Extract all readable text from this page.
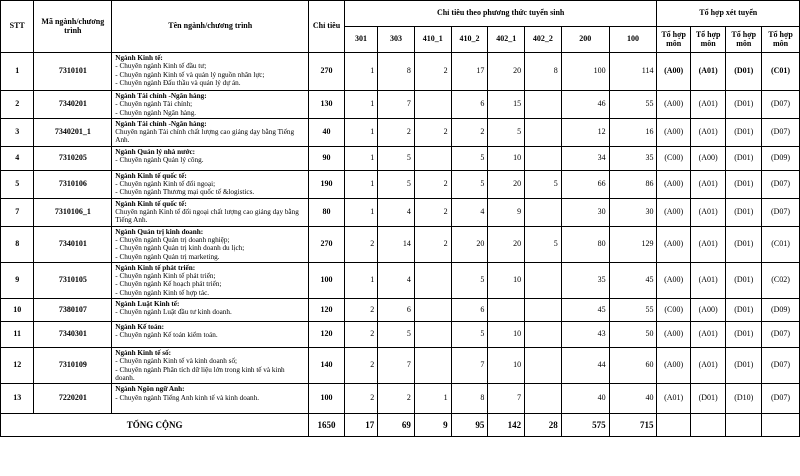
STT	Mã ngành/chương trình	Tên ngành/chương trình	Chỉ tiêu	Chỉ tiêu theo phương thức tuyển sinh								Tổ hợp xét tuyển			
				301	303	410_1	410_2	402_1	402_2	200	100	Tổ hợp môn	Tổ hợp môn	Tổ hợp môn	Tổ hợp môn
1	7310101	Ngành Kinh tế:
- Chuyên ngành Kinh tế đầu tư;
- Chuyên ngành Kinh tế và quản lý nguồn nhân lực;
- Chuyên ngành Đấu thầu và quản lý dự án.	270	1	8	2	17	20	8	100	114	(A00)	(A01)	(D01)	(C01)
2	7340201	Ngành Tài chính -Ngân hàng:
- Chuyên ngành Tài chính;
- Chuyên ngành Ngân hàng.	130	1	7		6	15		46	55	(A00)	(A01)	(D01)	(D07)
3	7340201_1	Ngành Tài chính -Ngân hàng:
Chuyên ngành Tài chính chất lượng cao giảng dạy bằng Tiếng Anh.	40	1	2	2	2	5		12	16	(A00)	(A01)	(D01)	(D07)
4	7310205	Ngành Quản lý nhà nước:
- Chuyên ngành Quản lý công.	90	1	5		5	10		34	35	(C00)	(A00)	(D01)	(D09)
5	7310106	Ngành Kinh tế quốc tế:
- Chuyên ngành Kinh tế đối ngoại;
- Chuyên ngành Thương mại quốc tế &logistics.	190	1	5	2	5	20	5	66	86	(A00)	(A01)	(D01)	(D07)
7	7310106_1	Ngành Kinh tế quốc tế:
Chuyên ngành Kinh tế đối ngoại chất lượng cao giảng dạy bằng Tiếng Anh.	80	1	4	2	4	9		30	30	(A00)	(A01)	(D01)	(D07)
8	7340101	Ngành Quản trị kinh doanh:
- Chuyên ngành Quản trị doanh nghiệp;
- Chuyên ngành Quản trị kinh doanh du lịch;
- Chuyên ngành Quản trị marketing.	270	2	14	2	20	20	5	80	129	(A00)	(A01)	(D01)	(C01)
9	7310105	Ngành Kinh tế phát triển:
- Chuyên ngành Kinh tế phát triển;
- Chuyên ngành Kế hoạch phát triển;
- Chuyên ngành Kinh tế hợp tác.	100	1	4		5	10		35	45	(A00)	(A01)	(D01)	(C02)
10	7380107	Ngành Luật Kinh tế:
- Chuyên ngành Luật đầu tư kinh doanh.	120	2	6		6			45	55	(C00)	(A00)	(D01)	(D09)
11	7340301	Ngành Kế toán:
- Chuyên ngành Kế toán kiểm toán.	120	2	5		5	10		43	50	(A00)	(A01)	(D01)	(D07)
12	7310109	Ngành Kinh tế số:
- Chuyên ngành Kinh tế và kinh doanh số;
- Chuyên ngành Phân tích dữ liệu lớn trong kinh tế và kinh doanh.	140	2	7		7	10		44	60	(A00)	(A01)	(D01)	(D07)
13	7220201	Ngành Ngôn ngữ Anh:
- Chuyên ngành Tiếng Anh kinh tế và kinh doanh.	100	2	2	1	8	7		40	40	(A01)	(D01)	(D10)	(D07)
TỔNG CỘNG			1650	17	69	9	95	142	28	575	715				
